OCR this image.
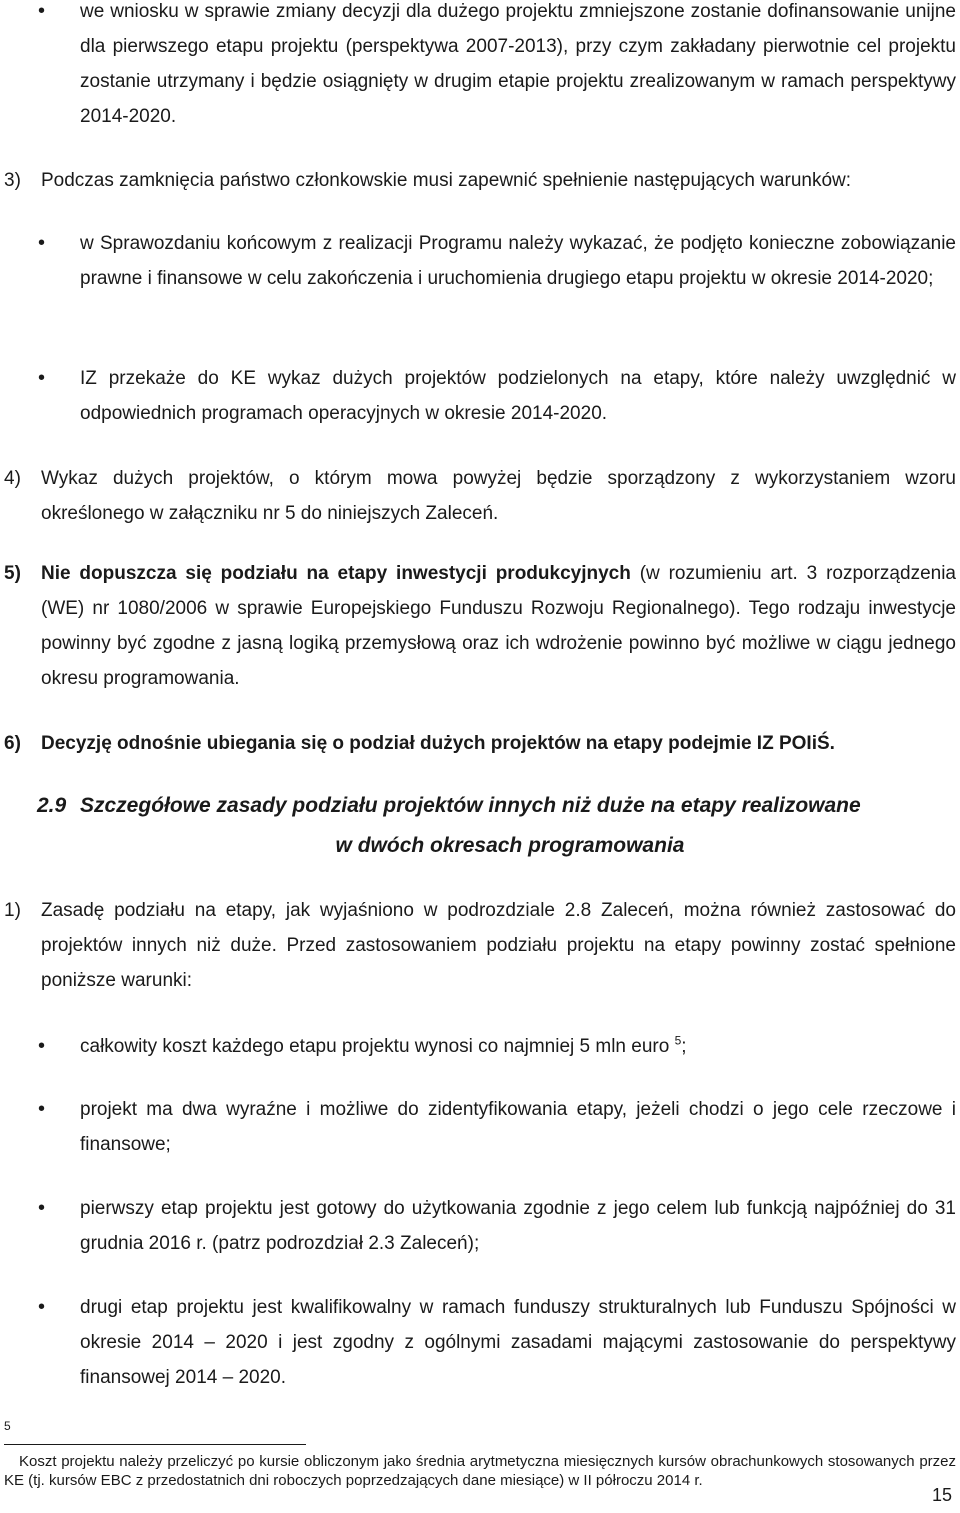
•	we wniosku w sprawie zmiany decyzji dla dużego projektu zmniejszone zostanie dofinansowanie unijne dla pierwszego etapu projektu (perspektywa 2007-2013), przy czym zakładany pierwotnie cel projektu zostanie utrzymany i będzie osiągnięty w drugim etapie projektu zrealizowanym w ramach perspektywy 2014-2020.
3) Podczas zamknięcia państwo członkowskie musi zapewnić spełnienie następujących warunków:
•	w Sprawozdaniu końcowym z realizacji Programu należy wykazać, że podjęto konieczne zobowiązanie prawne i finansowe w celu zakończenia i uruchomienia drugiego etapu projektu w okresie 2014-2020;
•	IZ przekaże do KE wykaz dużych projektów podzielonych na etapy, które należy uwzględnić w odpowiednich programach operacyjnych w okresie 2014-2020.
4) Wykaz dużych projektów, o którym mowa powyżej będzie sporządzony z wykorzystaniem wzoru określonego w załączniku nr 5 do niniejszych Zaleceń.
5) Nie dopuszcza się podziału na etapy inwestycji produkcyjnych (w rozumieniu art. 3 rozporządzenia (WE) nr 1080/2006 w sprawie Europejskiego Funduszu Rozwoju Regionalnego). Tego rodzaju inwestycje powinny być zgodne z jasną logiką przemysłową oraz ich wdrożenie powinno być możliwe w ciągu jednego okresu programowania.
6) Decyzję odnośnie ubiegania się o podział dużych projektów na etapy podejmie IZ POIiŚ.
2.9 Szczegółowe zasady podziału projektów innych niż duże na etapy realizowane
w dwóch okresach programowania
1) Zasadę podziału na etapy, jak wyjaśniono w podrozdziale 2.8 Zaleceń, można również zastosować do projektów innych niż duże. Przed zastosowaniem podziału projektu na etapy powinny zostać spełnione poniższe warunki:
•	całkowity koszt każdego etapu projektu wynosi co najmniej 5 mln euro $^5$;
•	projekt ma dwa wyraźne i możliwe do zidentyfikowania etapy, jeżeli chodzi o jego cele rzeczowe i finansowe;
•	pierwszy etap projektu jest gotowy do użytkowania zgodnie z jego celem lub funkcją najpóźniej do 31 grudnia 2016 r. (patrz podrozdział 2.3 Zaleceń);
•	drugi etap projektu jest kwalifikowalny w ramach funduszy strukturalnych lub Funduszu Spójności w okresie 2014 – 2020 i jest zgodny z ogólnymi zasadami mającymi zastosowanie do perspektywy finansowej 2014 – 2020.
$^5$
Koszt projektu należy przeliczyć po kursie obliczonym jako średnia arytmetyczna miesięcznych kursów obrachunkowych stosowanych przez KE (tj. kursów EBC z przedostatnich dni roboczych poprzedzających dane miesiące) w II półroczu 2014 r.
15
